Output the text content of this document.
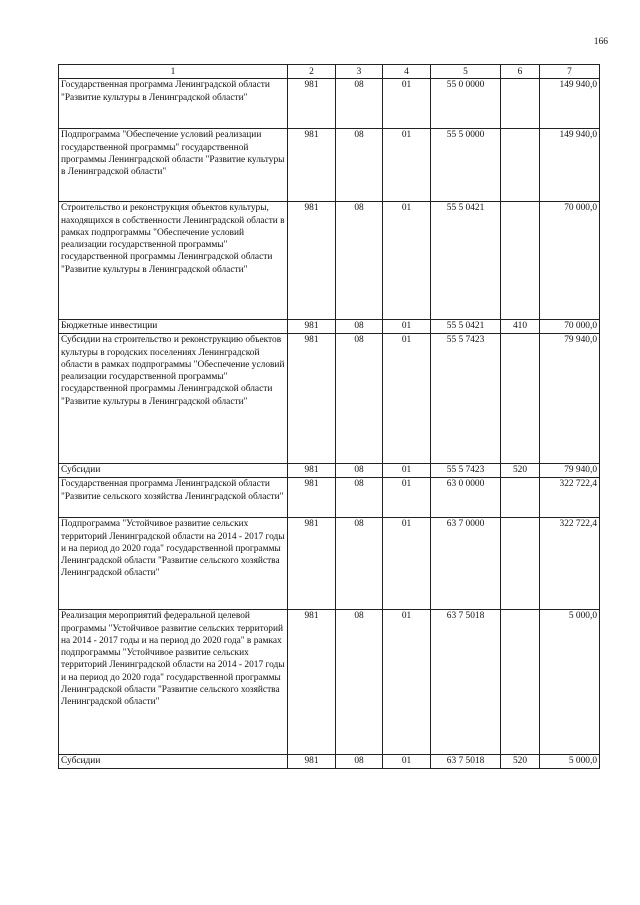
166
1	2	3	4	5	6	7
Государственная программа Ленинградской области "Развитие культуры в Ленинградской области"	981	08	01	55 0 0000		149 940,0
Подпрограмма "Обеспечение условий реализации государственной программы" государственной программы Ленинградской области "Развитие культуры в Ленинградской области"	981	08	01	55 5 0000		149 940,0
Строительство и реконструкция объектов культуры, находящихся в собственности Ленинградской области в рамках подпрограммы "Обеспечение условий реализации государственной программы" государственной программы Ленинградской области "Развитие культуры в Ленинградской области"	981	08	01	55 5 0421		70 000,0
Бюджетные инвестиции	981	08	01	55 5 0421	410	70 000,0
Субсидии на строительство и реконструкцию объектов культуры в городских поселениях Ленинградской области в рамках подпрограммы "Обеспечение условий реализации государственной программы" государственной программы Ленинградской области "Развитие культуры в Ленинградской области"	981	08	01	55 5 7423		79 940,0
Субсидии	981	08	01	55 5 7423	520	79 940,0
Государственная программа Ленинградской области "Развитие сельского хозяйства Ленинградской области"	981	08	01	63 0 0000		322 722,4
Подпрограмма "Устойчивое развитие сельских территорий Ленинградской области на 2014 - 2017 годы и на период до 2020 года" государственной программы Ленинградской области "Развитие сельского хозяйства Ленинградской области"	981	08	01	63 7 0000		322 722,4
Реализация мероприятий федеральной целевой программы "Устойчивое развитие сельских территорий на 2014 - 2017 годы и на период до 2020 года" в рамках подпрограммы "Устойчивое развитие сельских территорий Ленинградской области на 2014 - 2017 годы и на период до 2020 года" государственной программы Ленинградской области "Развитие сельского хозяйства Ленинградской области"	981	08	01	63 7 5018		5 000,0
Субсидии	981	08	01	63 7 5018	520	5 000,0
